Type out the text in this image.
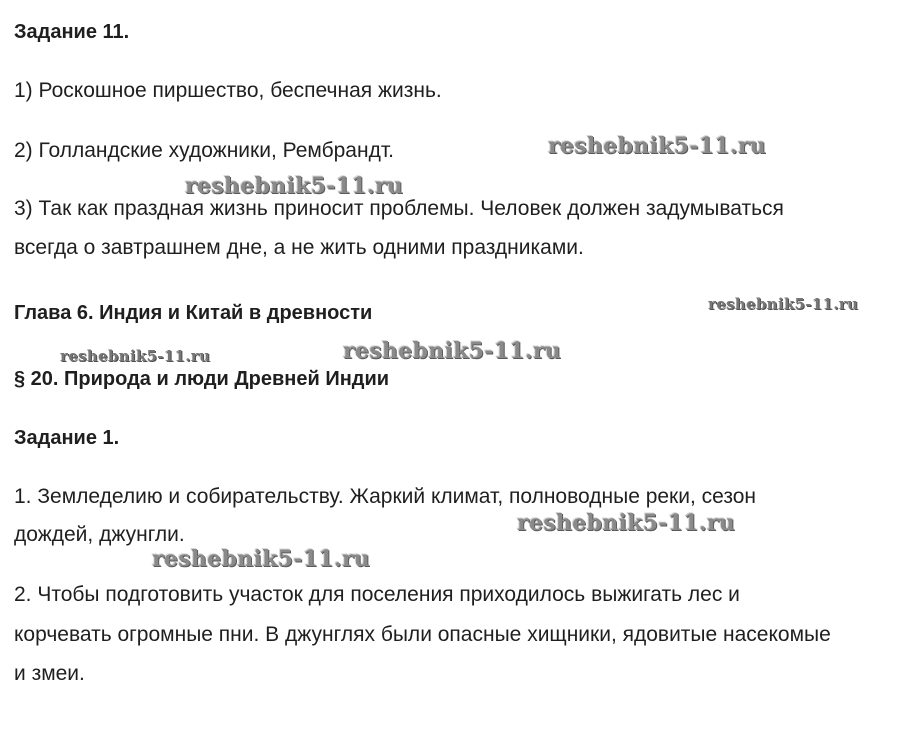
Задание 11.
1) Роскошное пиршество, беспечная жизнь.
2) Голландские художники, Рембрандт.
3) Так как праздная жизнь приносит проблемы. Человек должен задумываться
всегда о завтрашнем дне, а не жить одними праздниками.
Глава 6. Индия и Китай в древности
§ 20. Природа и люди Древней Индии
Задание 1.
1. Земледелию и собирательству. Жаркий климат, полноводные реки, сезон
дождей, джунгли.
2. Чтобы подготовить участок для поселения приходилось выжигать лес и
корчевать огромные пни. В джунглях были опасные хищники, ядовитые насекомые
и змеи.
reshebnik5-11.ru
reshebnik5-11.ru
reshebnik5-11.ru
reshebnik5-11.ru
reshebnik5-11.ru
reshebnik5-11.ru
reshebnik5-11.ru
